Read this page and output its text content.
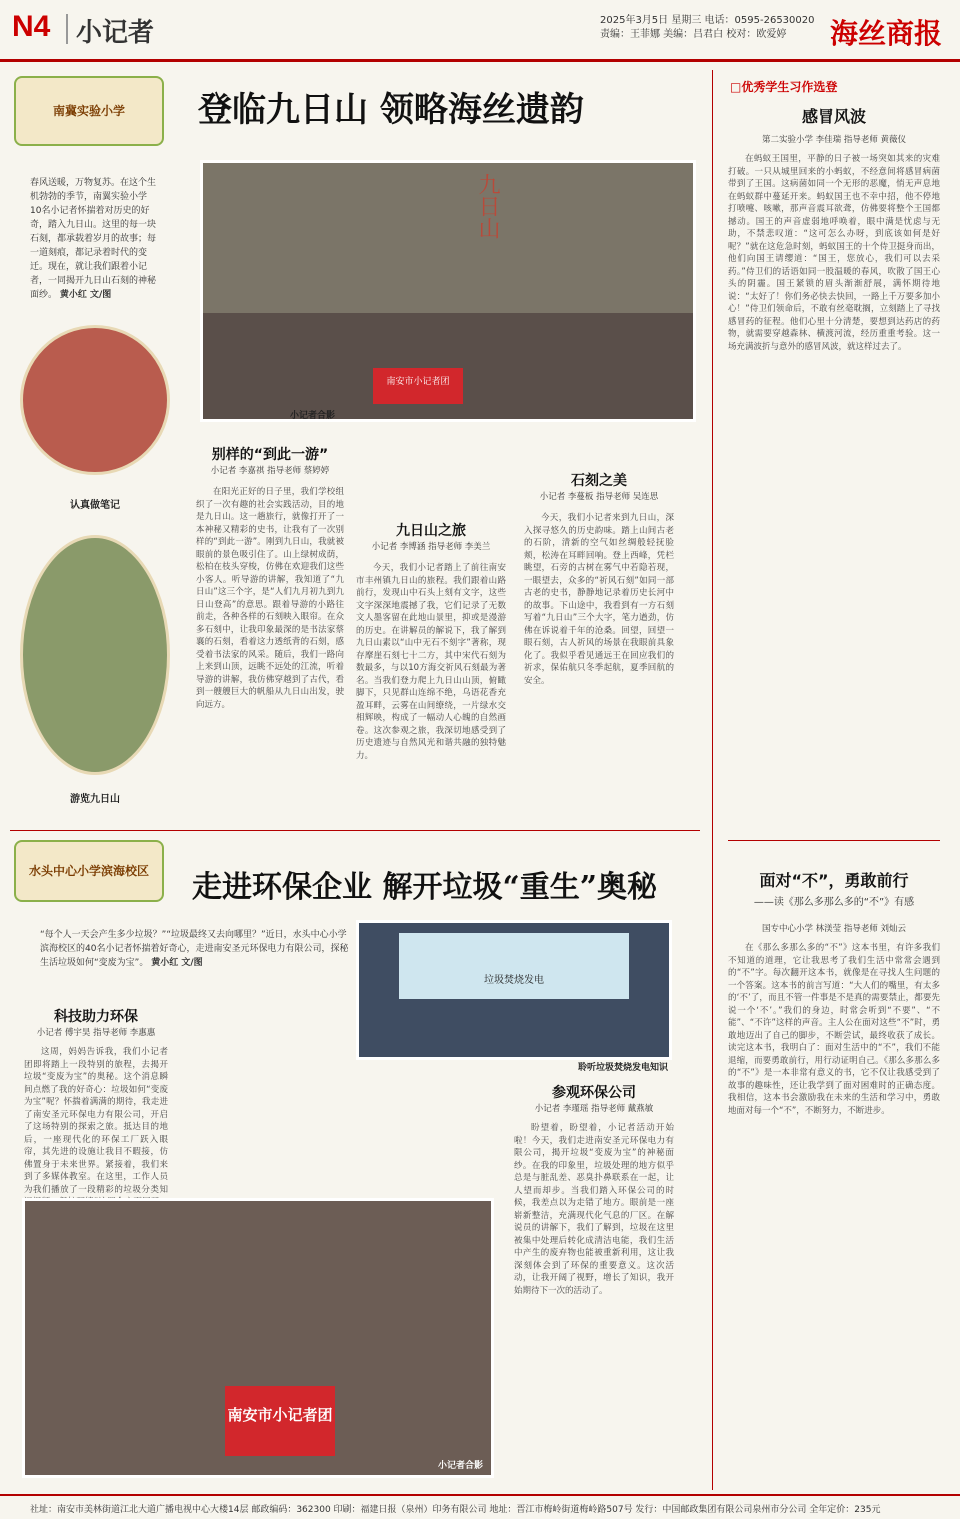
N4 小记者	2025年3月5日 星期三 电话：0595-26530020
责编：王菲娜 美编：吕君白 校对：欧爱婷	海丝商报
南冀实验小学	登临九日山 领略海丝遗韵
春风送暖，万物复苏。在这个生机勃勃的季节，南翼实验小学10名小记者怀揣着对历史的好奇，踏入九日山。这里的每一块石刻，都承载着岁月的故事；每一道刻痕，都记录着时代的变迁。现在，就让我们跟着小记者，一同揭开九日山石刻的神秘面纱。 黄小红 文/图
认真做笔记
游览九日山
九日山
南安市小记者团
小记者合影
别样的“到此一游”
小记者 李嘉祺 指导老师 蔡婷婷
在阳光正好的日子里，我们学校组织了一次有趣的社会实践活动，目的地是九日山。这一趟旅行，就像打开了一本神秘又精彩的史书，让我有了一次别样的“到此一游”。刚到九日山，我就被眼前的景色吸引住了。山上绿树成荫，松柏在枝头穿梭，仿佛在欢迎我们这些小客人。听导游的讲解，我知道了“九日山”这三个字，是“人们九月初九到九日山登高”的意思。跟着导游的小路往前走，各种各样的石刻映入眼帘。在众多石刻中，让我印象最深的是书法家蔡襄的石刻，看着这力透纸背的石刻，感受着书法家的风采。随后，我们一路向上来到山顶，远眺不远处的江流，听着导游的讲解，我仿佛穿越到了古代，看到一艘艘巨大的帆船从九日山出发，驶向远方。
九日山之旅
小记者 李博涵 指导老师 李美兰
今天，我们小记者踏上了前往南安市丰州镇九日山的旅程。我们跟着山路前行，发现山中石头上刻有文字，这些文字深深地震撼了我，它们记录了无数文人墨客留在此地山景里，抑或是漫游的历史。在讲解员的解说下，我了解到九日山素以“山中无石不刻字”著称，现存摩崖石刻七十二方，其中宋代石刻为数最多，与以10方海交祈风石刻最为著名。当我们登力爬上九日山山顶，俯瞰脚下，只见群山连绵不绝，乌语花香充盈耳畔，云雾在山间缭绕，一片绿水交相辉映，构成了一幅动人心魄的自然画卷。这次参观之旅，我深切地感受到了历史遗迹与自然风光和谐共融的独特魅力。
石刻之美
小记者 李蔓板 指导老师 吴连思
今天，我们小记者来到九日山，深入探寻悠久的历史韵味。踏上山间古老的石阶，清新的空气如丝绸般轻抚脸颊，松涛在耳畔回响。登上西峰，凭栏眺望，石旁的古树在雾气中若隐若现，一眼望去，众多的“祈风石刻”如同一部古老的史书，静静地记录着历史长河中的故事。下山途中，我看到有一方石刻写着“九日山”三个大字，笔力遒劲，仿佛在诉说着千年的沧桑。回望，回望一眼石刻，古人祈风的场景在我眼前具象化了。我似乎看见通远王在回应我们的祈求，保佑航只冬季起航，夏季回航的安全。
水头中心小学滨海校区	走进环保企业 解开垃圾“重生”奥秘
“每个人一天会产生多少垃圾？”“垃圾最终又去向哪里？”近日，水头中心小学滨海校区的40名小记者怀揣着好奇心，走进南安圣元环保电力有限公司，探秘生活垃圾如何“变废为宝”。 黄小红 文/图
垃圾焚烧发电
聆听垃圾焚烧发电知识
科技助力环保
小记者 傅宇昊 指导老师 李惠惠
这周，妈妈告诉我，我们小记者团即将踏上一段特别的旅程，去揭开垃圾“变废为宝”的奥秘。这个消息瞬间点燃了我的好奇心：垃圾如何“变废为宝”呢？怀揣着满满的期待，我走进了南安圣元环保电力有限公司，开启了这场特别的探索之旅。抵达目的地后，一座现代化的环保工厂跃入眼帘，其先进的设施让我目不暇接，仿佛置身于未来世界。紧接着，我们来到了多媒体教室。在这里，工作人员为我们播放了一段精彩的垃圾分类知
南安市小记者团
小记者合影
参观环保公司
小记者 李瑾瑶 指导老师 戴燕敏
盼望着，盼望着，小记者活动开始啦！今天，我们走进南安圣元环保电力有限公司，揭开垃圾“变废为宝”的神秘面纱。在我的印象里，垃圾处理的地方似乎总是与脏乱差、恶臭扑鼻联系在一起，让人望而却步。当我们踏入环保公司的时候，我差点以为走错了地方。眼前是一座崭新整洁，充满现代化气息的厂区。在解说员的讲解下，我们了解到，垃圾在这里被集中处理后转化成清洁电能，我们生活中产生的废弃物也能被重新利用，这让我深刻体会到了环保的重要意义。这次活动，让我开阔了视野，增长了知识，我开始期待下一次的活动了。
□优秀学生习作选登
感冒风波
第二实验小学 李佳瑞 指导老师 黄薇仪
在蚂蚁王国里，平静的日子被一场突如其来的灾难打破。一只从城里回来的小蚂蚁，不经意间将感冒病菌带到了王国。这病菌如同一个无形的恶魔，悄无声息地在蚂蚁群中蔓延开来。蚂蚁国王也不幸中招，他不停地打喷嚏、咳嗽，那声音震耳欲聋，仿佛要将整个王国都撼动。国王的声音虚弱地呼唤着，眼中满是忧虑与无助，不禁悲叹道：“这可怎么办呀，到底该如何是好呢？”就在这危急时刻，蚂蚁国王的十个侍卫挺身而出，他们向国王请缨道：“国王，您放心，我们可以去采药。”侍卫们的话语如同一股温暖的春风，吹散了国王心头的阴霾。国王紧锁的眉头渐渐舒展，满怀期待地说：“太好了！你们务必快去快回，一路上千万要多加小心！”侍卫们领命后，不敢有丝毫耽搁，立刻踏上了寻找感冒药的征程。他们心里十分清楚，要想到达药店的药物，就需要穿越森林、横渡河流，经历重重考验。这一场充满波折与意外的感冒风波，就这样过去了。
面对“不”，勇敢前行
——读《那么多那么多的“不”》有感
国专中心小学 林渼莹 指导老师 刘灿云
在《那么多那么多的“不”》这本书里，有许多我们不知道的道理，它让我思考了我们生活中常常会遇到的“不”字。每次翻开这本书，就像是在寻找人生问题的一个答案。这本书的前言写道：“大人们的嘴里，有太多的‘不’了，而且不管一件事是不是真的需要禁止，都要先说一个‘不’。”我们的身边，时常会听到“不要”、“不能”、“不许”这样的声音。主人公在面对这些“不”时，勇敢地迈出了自己的脚步，不断尝试，最终收获了成长。读完这本书，我明白了：面对生活中的“不”，我们不能退缩，而要勇敢前行，用行动证明自己。《那么多那么多的“不”》是一本非常有意义的书，它不仅让我感受到了故事的趣味性，还让我学到了面对困难时的正确态度。我相信，这本书会激励我在未来的生活和学习中，勇敢地面对每一个“不”，不断努力，不断进步。
社址：南安市美林街道江北大道广播电视中心大楼14层 邮政编码：362300 印刷：福建日报（泉州）印务有限公司 地址：晋江市梅岭街道梅岭路507号 发行：中国邮政集团有限公司泉州市分公司 全年定价：235元
